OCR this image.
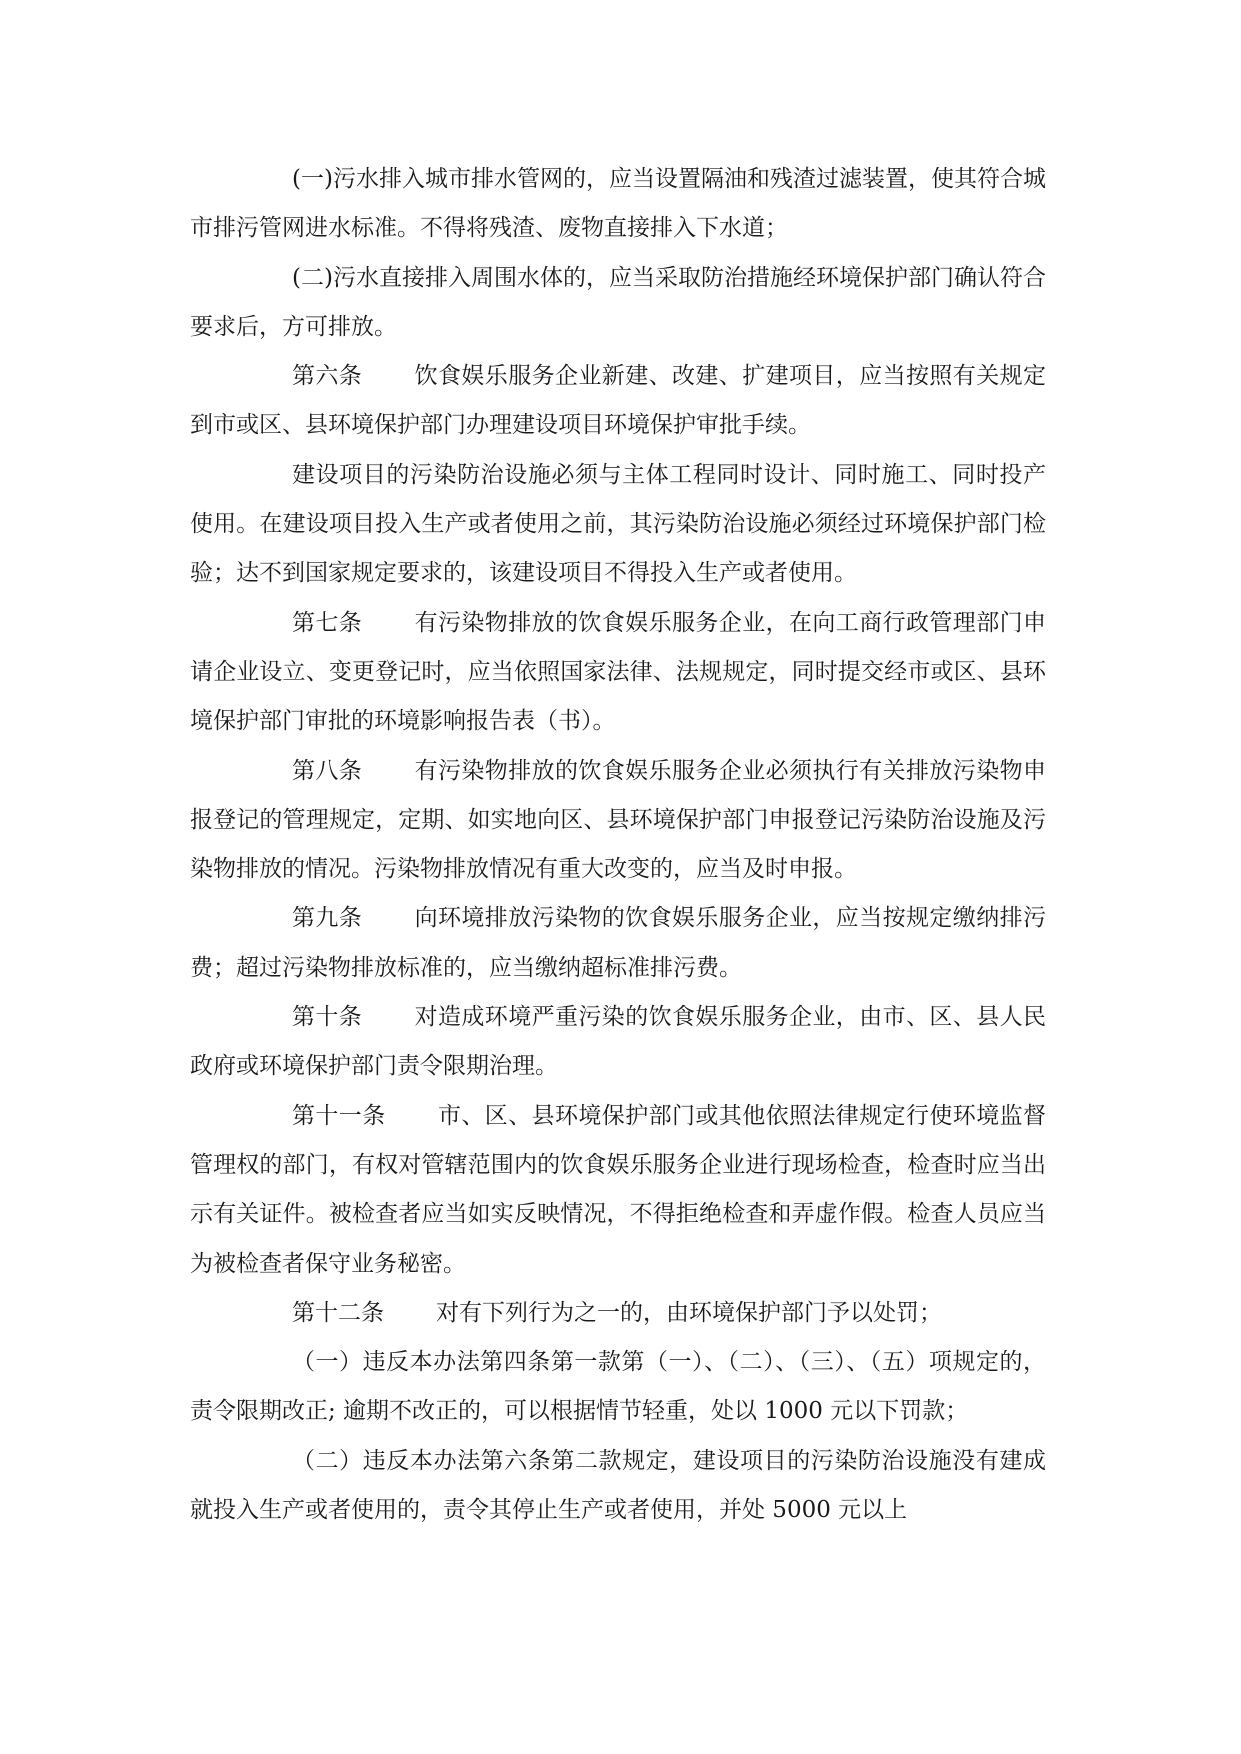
(一)污水排入城市排水管网的，应当设置隔油和残渣过滤装置，使其符合城市排污管网进水标准。不得将残渣、废物直接排入下水道；

(二)污水直接排入周围水体的，应当采取防治措施经环境保护部门确认符合要求后，方可排放。

第六条 饮食娱乐服务企业新建、改建、扩建项目，应当按照有关规定到市或区、县环境保护部门办理建设项目环境保护审批手续。

建设项目的污染防治设施必须与主体工程同时设计、同时施工、同时投产使用。在建设项目投入生产或者使用之前，其污染防治设施必须经过环境保护部门检验；达不到国家规定要求的，该建设项目不得投入生产或者使用。

第七条 有污染物排放的饮食娱乐服务企业，在向工商行政管理部门申请企业设立、变更登记时，应当依照国家法律、法规规定，同时提交经市或区、县环境保护部门审批的环境影响报告表（书）。

第八条 有污染物排放的饮食娱乐服务企业必须执行有关排放污染物申报登记的管理规定，定期、如实地向区、县环境保护部门申报登记污染防治设施及污染物排放的情况。污染物排放情况有重大改变的，应当及时申报。

第九条 向环境排放污染物的饮食娱乐服务企业，应当按规定缴纳排污费；超过污染物排放标准的，应当缴纳超标准排污费。

第十条 对造成环境严重污染的饮食娱乐服务企业，由市、区、县人民政府或环境保护部门责令限期治理。

第十一条 市、区、县环境保护部门或其他依照法律规定行使环境监督管理权的部门，有权对管辖范围内的饮食娱乐服务企业进行现场检查，检查时应当出示有关证件。被检查者应当如实反映情况，不得拒绝检查和弄虚作假。检查人员应当为被检查者保守业务秘密。

第十二条 对有下列行为之一的，由环境保护部门予以处罚；

（一）违反本办法第四条第一款第（一）、（二）、（三）、（五）项规定的，责令限期改正; 逾期不改正的，可以根据情节轻重，处以 1000 元以下罚款；

（二）违反本办法第六条第二款规定，建设项目的污染防治设施没有建成就投入生产或者使用的，责令其停止生产或者使用，并处 5000 元以上
